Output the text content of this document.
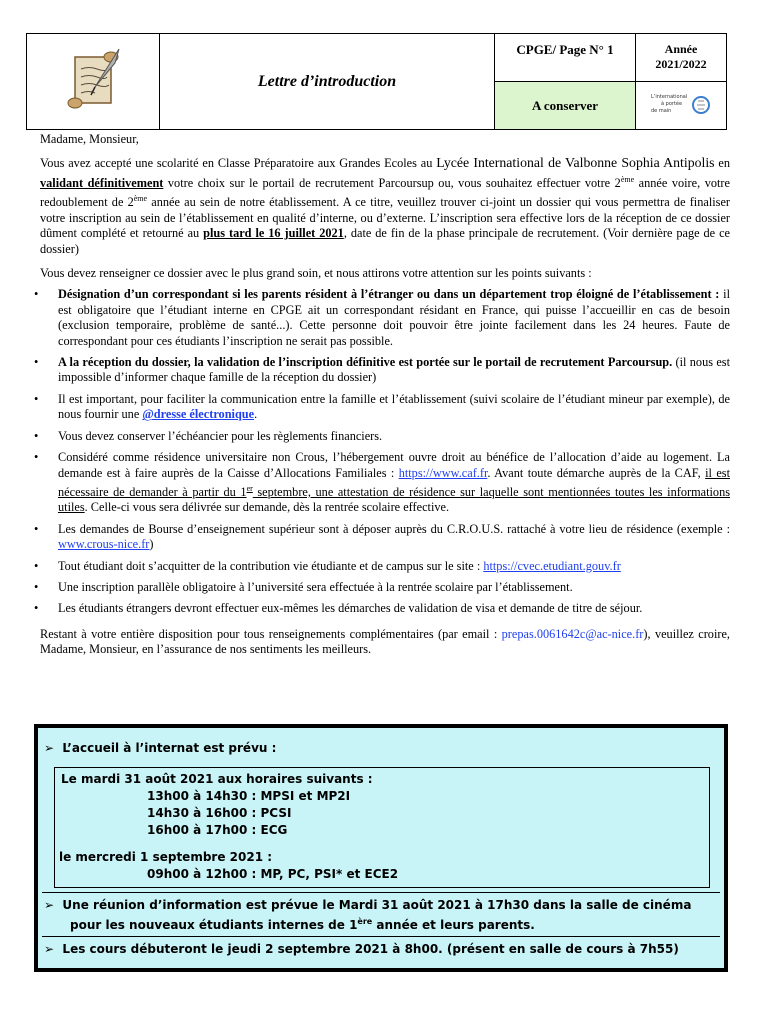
	Lettre d’introduction	CPGE/ Page N° 1	Année
2021/2022

		A conserver	L’international
à portée
de main

Madame, Monsieur,

Vous avez accepté une scolarité en Classe Préparatoire aux Grandes Ecoles au Lycée International de Valbonne Sophia Antipolis en validant définitivement votre choix sur le portail de recrutement Parcoursup ou, vous souhaitez effectuer votre 2ème année voire, votre redoublement de 2ème année au sein de notre établissement. A ce titre, veuillez trouver ci-joint un dossier qui vous permettra de finaliser votre inscription au sein de l’établissement en qualité d’interne, ou d’externe. L’inscription sera effective lors de la réception de ce dossier dûment complété et retourné au plus tard le 16 juillet 2021, date de fin de la phase principale de recrutement. (Voir dernière page de ce dossier)

Vous devez renseigner ce dossier avec le plus grand soin, et nous attirons votre attention sur les points suivants :

• Désignation d’un correspondant si les parents résident à l’étranger ou dans un département trop éloigné de l’établissement : il est obligatoire que l’étudiant interne en CPGE ait un correspondant résidant en France, qui puisse l’accueillir en cas de besoin (exclusion temporaire, problème de santé...). Cette personne doit pouvoir être jointe facilement dans les 24 heures. Faute de correspondant pour ces étudiants l’inscription ne serait pas possible.
• A la réception du dossier, la validation de l’inscription définitive est portée sur le portail de recrutement Parcoursup. (il nous est impossible d’informer chaque famille de la réception du dossier)
• Il est important, pour faciliter la communication entre la famille et l’établissement (suivi scolaire de l’étudiant mineur par exemple), de nous fournir une @dresse électronique.
• Vous devez conserver l’échéancier pour les règlements financiers.
• Considéré comme résidence universitaire non Crous, l’hébergement ouvre droit au bénéfice de l’allocation d’aide au logement. La demande est à faire auprès de la Caisse d’Allocations Familiales : https://www.caf.fr. Avant toute démarche auprès de la CAF, il est nécessaire de demander à partir du 1er septembre, une attestation de résidence sur laquelle sont mentionnées toutes les informations utiles. Celle-ci vous sera délivrée sur demande, dès la rentrée scolaire effective.
• Les demandes de Bourse d’enseignement supérieur sont à déposer auprès du C.R.O.U.S. rattaché à votre lieu de résidence (exemple : www.crous-nice.fr)
• Tout étudiant doit s’acquitter de la contribution vie étudiante et de campus sur le site : https://cvec.etudiant.gouv.fr
• Une inscription parallèle obligatoire à l’université sera effectuée à la rentrée scolaire par l’établissement.
• Les étudiants étrangers devront effectuer eux-mêmes les démarches de validation de visa et demande de titre de séjour.

Restant à votre entière disposition pour tous renseignements complémentaires (par email : prepas.0061642c@ac-nice.fr), veuillez croire, Madame, Monsieur, en l’assurance de nos sentiments les meilleurs.

➢ L’accueil à l’internat est prévu :
Le mardi 31 août 2021 aux horaires suivants :
13h00 à 14h30 : MPSI et MP2I
14h30 à 16h00 : PCSI
16h00 à 17h00 : ECG
le mercredi 1 septembre 2021 :
09h00 à 12h00 : MP, PC, PSI* et ECE2
➢ Une réunion d’information est prévue le Mardi 31 août 2021 à 17h30 dans la salle de cinéma
pour les nouveaux étudiants internes de 1ère année et leurs parents.
➢ Les cours débuteront le jeudi 2 septembre 2021 à 8h00. (présent en salle de cours à 7h55)
